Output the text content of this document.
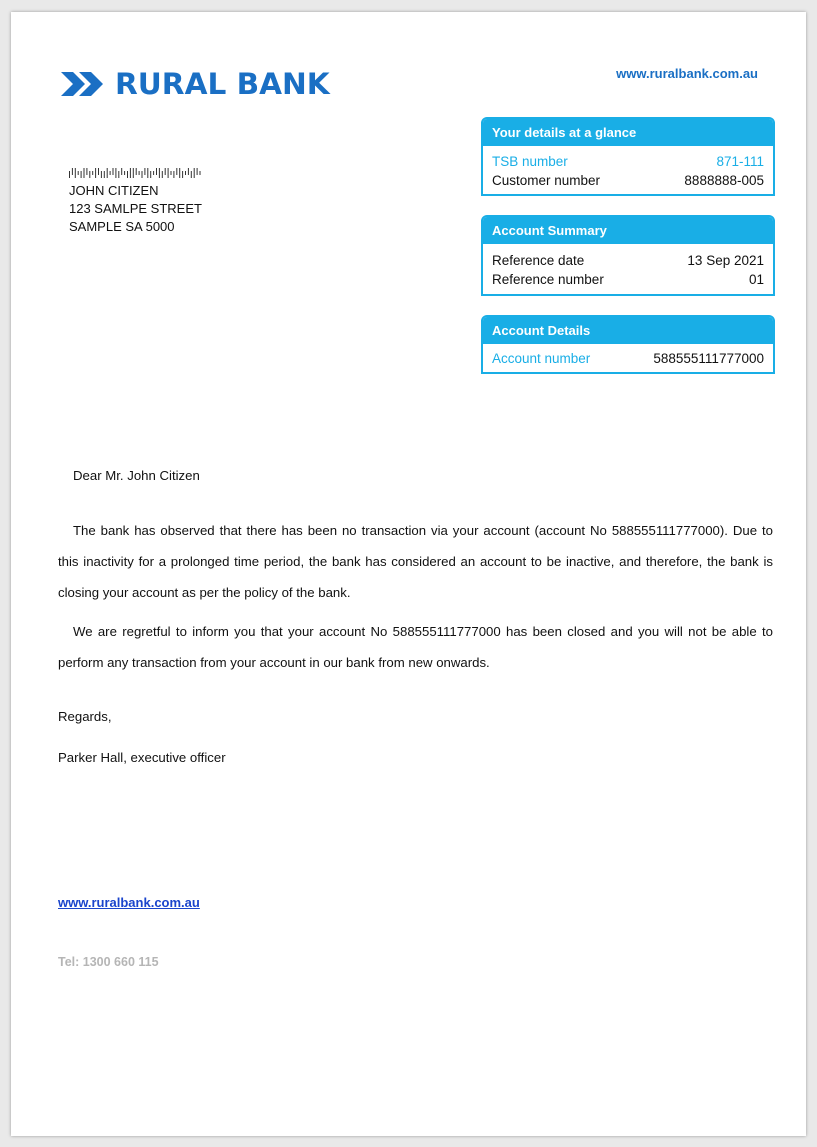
RURAL BANK	www.ruralbank.com.au
JOHN CITIZEN
123 SAMLPE STREET
SAMPLE SA 5000
Your details at a glance
TSB number	871-111
Customer number	8888888-005
Account Summary
Reference date	13 Sep 2021
Reference number	01
Account Details
Account number	588555111777000
Dear Mr. John Citizen
The bank has observed that there has been no transaction via your account (account No 588555111777000). Due to this inactivity for a prolonged time period, the bank has considered an account to be inactive, and therefore, the bank is closing your account as per the policy of the bank.
We are regretful to inform you that your account No 588555111777000 has been closed and you will not be able to perform any transaction from your account in our bank from new onwards.
Regards,
Parker Hall, executive officer
www.ruralbank.com.au
Tel: 1300 660 115
